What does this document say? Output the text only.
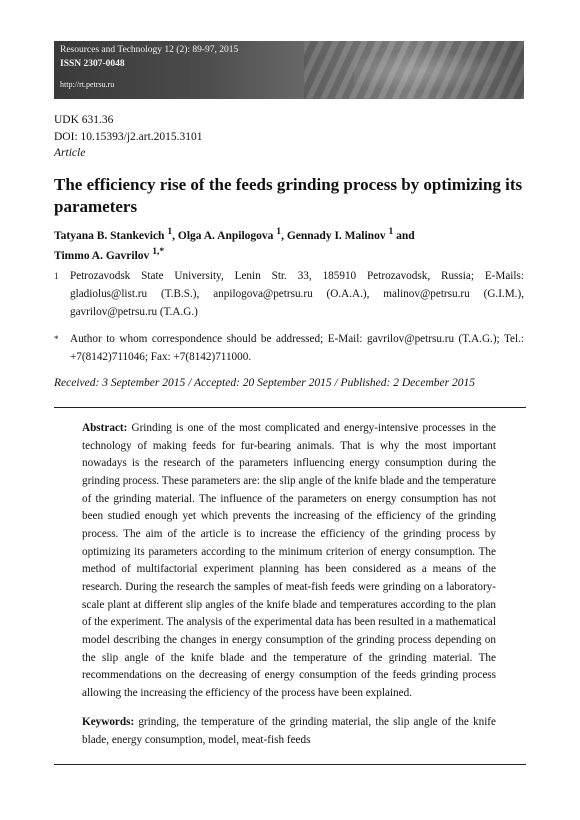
Resources and Technology 12 (2): 89-97, 2015
ISSN 2307-0048
http://rt.petrsu.ru
UDK 631.36
DOI: 10.15393/j2.art.2015.3101
Article
The efficiency rise of the feeds grinding process by optimizing its parameters
Tatyana B. Stankevich $^1$, Olga A. Anpilogova $^1$, Gennady I. Malinov $^1$ and
Timmo A. Gavrilov $^{1,*}$
1 Petrozavodsk State University, Lenin Str. 33, 185910 Petrozavodsk, Russia; E-Mails: gladiolus@list.ru (T.B.S.), anpilogova@petrsu.ru (O.A.A.), malinov@petrsu.ru (G.I.M.), gavrilov@petrsu.ru (T.A.G.)
* Author to whom correspondence should be addressed; E-Mail: gavrilov@petrsu.ru (T.A.G.); Tel.: +7(8142)711046; Fax: +7(8142)711000.
Received: 3 September 2015 / Accepted: 20 September 2015 / Published: 2 December 2015
Abstract: Grinding is one of the most complicated and energy-intensive processes in the technology of making feeds for fur-bearing animals. That is why the most important nowadays is the research of the parameters influencing energy consumption during the grinding process. These parameters are: the slip angle of the knife blade and the temperature of the grinding material. The influence of the parameters on energy consumption has not been studied enough yet which prevents the increasing of the efficiency of the grinding process. The aim of the article is to increase the efficiency of the grinding process by optimizing its parameters according to the minimum criterion of energy consumption. The method of multifactorial experiment planning has been considered as a means of the research. During the research the samples of meat-fish feeds were grinding on a laboratory-scale plant at different slip angles of the knife blade and temperatures according to the plan of the experiment. The analysis of the experimental data has been resulted in a mathematical model describing the changes in energy consumption of the grinding process depending on the slip angle of the knife blade and the temperature of the grinding material. The recommendations on the decreasing of energy consumption of the feeds grinding process allowing the increasing the efficiency of the process have been explained.
Keywords: grinding, the temperature of the grinding material, the slip angle of the knife blade, energy consumption, model, meat-fish feeds
